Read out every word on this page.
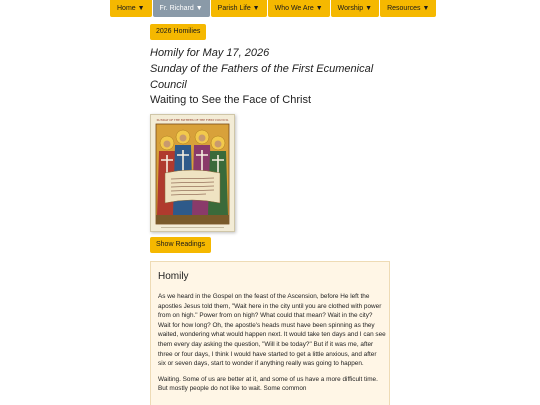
Home ▼	Fr. Richard ▼	Parish Life ▼	Who We Are ▼	Worship ▼	Resources ▼
2026 Homilies
Homily for May 17, 2026
Sunday of the Fathers of the First Ecumenical Council
Waiting to See the Face of Christ
SUNDAY OF THE FATHERS OF THE FIRST COUNCIL
Show Readings
Homily

As we heard in the Gospel on the feast of the Ascension, before He left the apostles Jesus told them, "Wait here in the city until you are clothed with power from on high." Power from on high? What could that mean? Wait in the city? Wait for how long? Oh, the apostle's heads must have been spinning as they waited, wondering what would happen next. It would take ten days and I can see them every day asking the question, "Will it be today?" But if it was me, after three or four days, I think I would have started to get a little anxious, and after six or seven days, start to wonder if anything really was going to happen.

Waiting. Some of us are better at it, and some of us have a more difficult time. But mostly people do not like to wait. Some common
